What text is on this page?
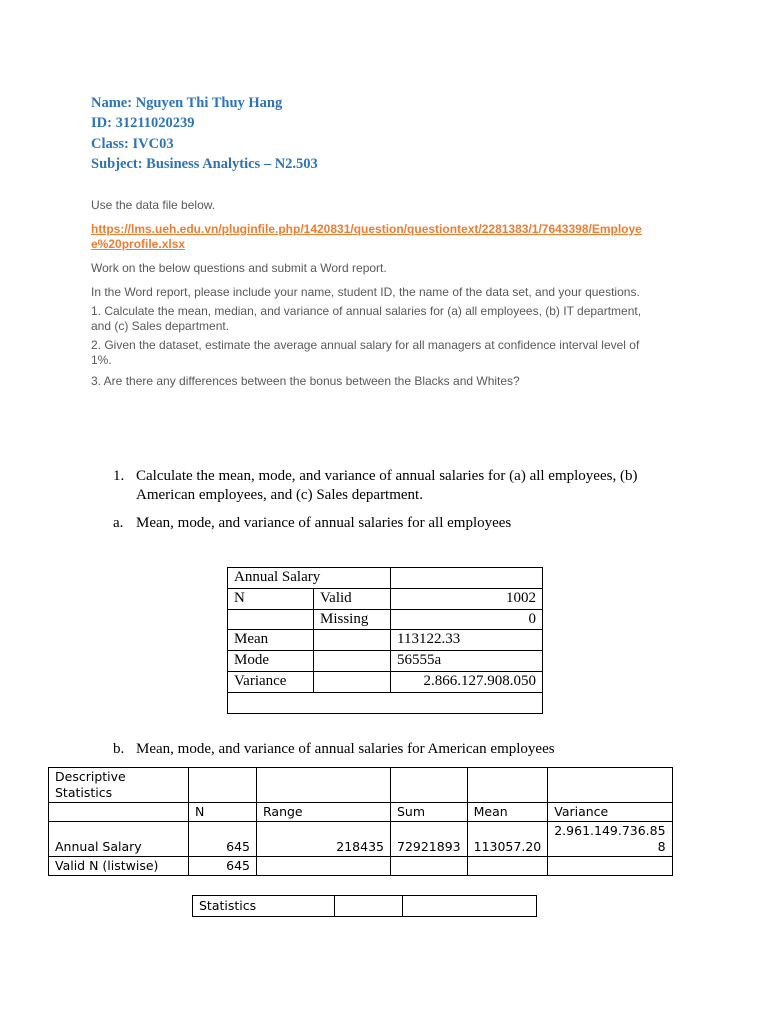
Name: Nguyen Thi Thuy Hang
ID: 31211020239
Class: IVC03
Subject: Business Analytics – N2.503

Use the data file below.

https://lms.ueh.edu.vn/pluginfile.php/1420831/question/questiontext/2281383/1/7643398/Employee%20profile.xlsx

Work on the below questions and submit a Word report.

In the Word report, please include your name, student ID, the name of the data set, and your questions.

1. Calculate the mean, median, and variance of annual salaries for (a) all employees, (b) IT department, and (c) Sales department.

2. Given the dataset, estimate the average annual salary for all managers at confidence interval level of 1%.

3. Are there any differences between the bonus between the Blacks and Whites?

1. Calculate the mean, mode, and variance of annual salaries for (a) all employees, (b) American employees, and (c) Sales department.
a. Mean, mode, and variance of annual salaries for all employees
Annual Salary		
N	Valid	1002
	Missing	0
Mean		113122.33
Mode		56555a
Variance		2.866.127.908.050

b. Mean, mode, and variance of annual salaries for American employees
Descriptive Statistics					
	N	Range	Sum	Mean	Variance
Annual Salary	645	218435	72921893	113057.20	2.961.149.736.85
8

Valid N (listwise)	645				
Statistics		
